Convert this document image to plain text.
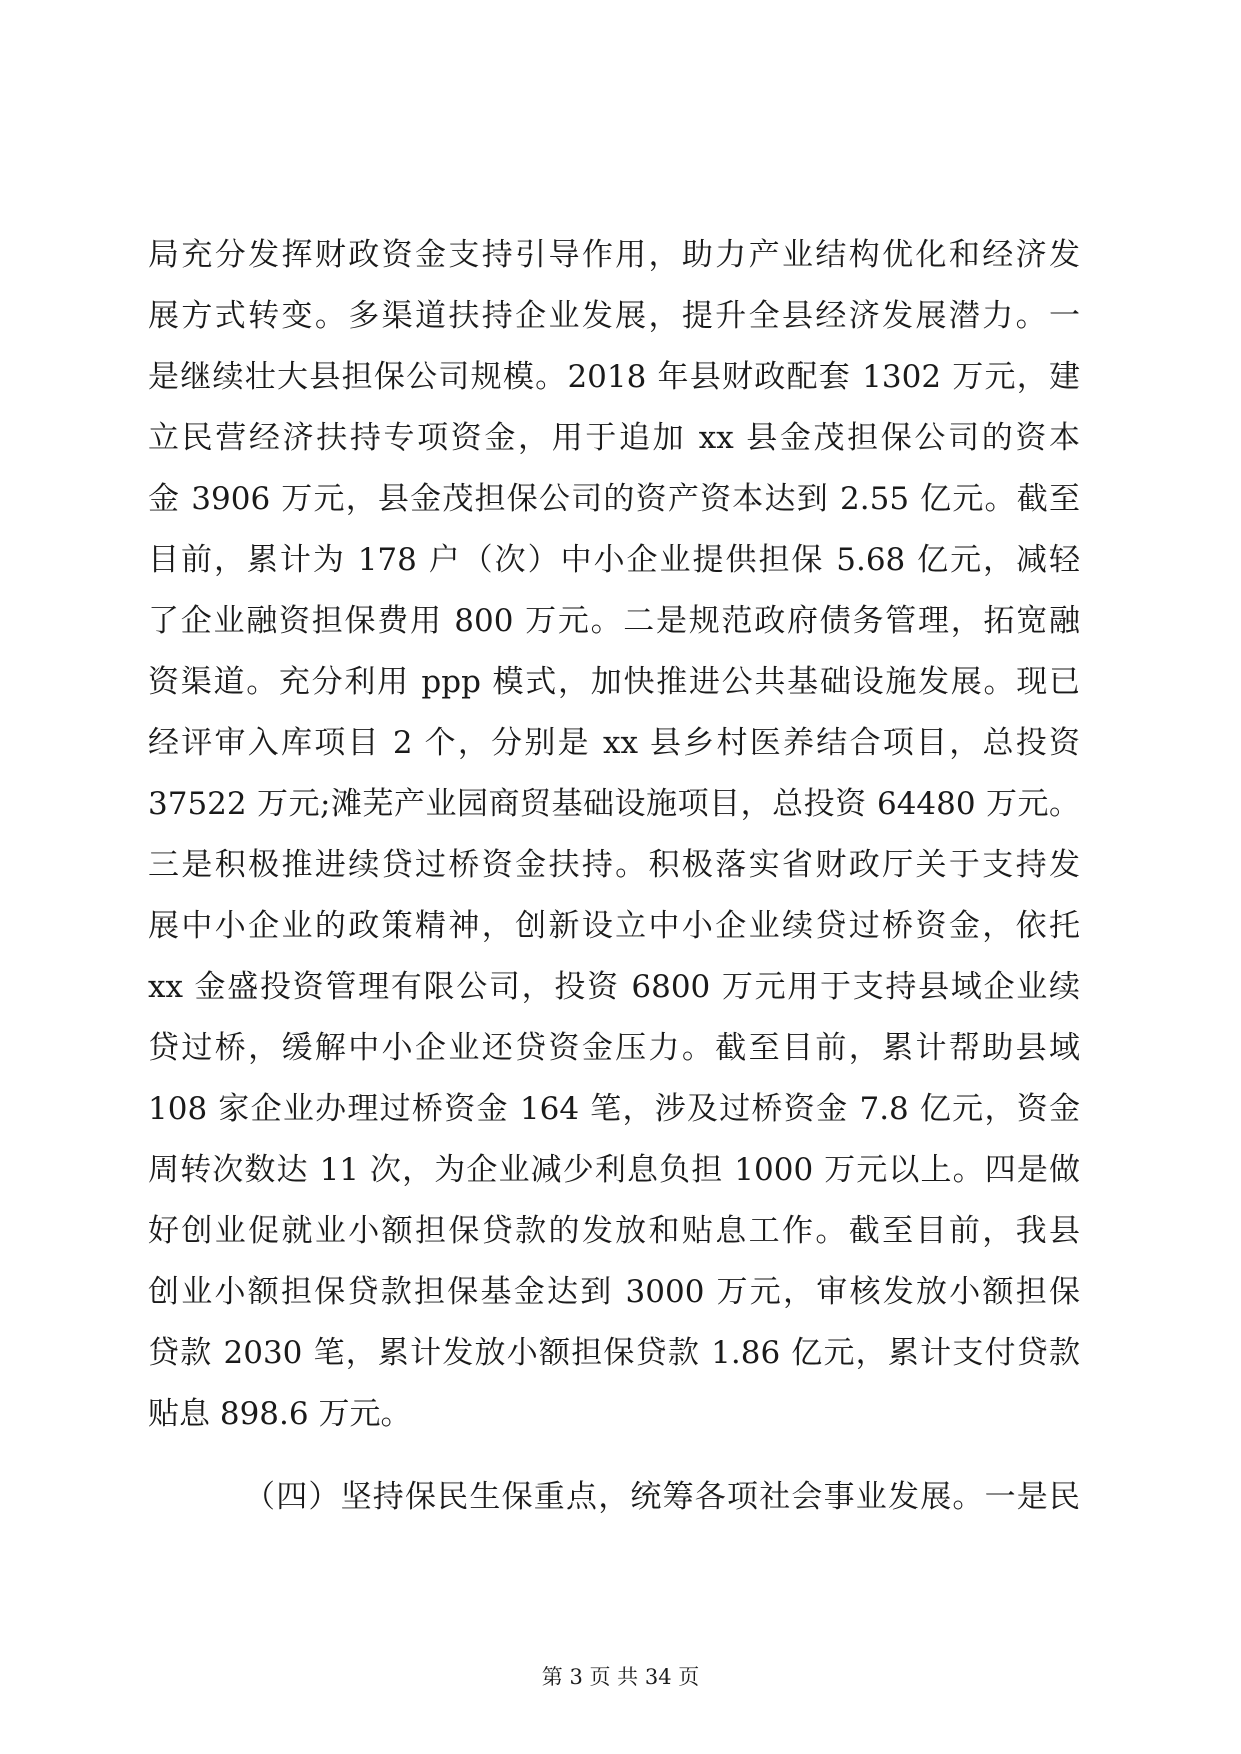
局充分发挥财政资金支持引导作用，助力产业结构优化和经济发
展方式转变。多渠道扶持企业发展，提升全县经济发展潜力。一
是继续壮大县担保公司规模。2018 年县财政配套 1302 万元，建
立民营经济扶持专项资金，用于追加 xx 县金茂担保公司的资本
金 3906 万元，县金茂担保公司的资产资本达到 2.55 亿元。截至
目前，累计为 178 户（次）中小企业提供担保 5.68 亿元，减轻
了企业融资担保费用 800 万元。二是规范政府债务管理，拓宽融
资渠道。充分利用 ppp 模式，加快推进公共基础设施发展。现已
经评审入库项目 2 个，分别是 xx 县乡村医养结合项目，总投资
37522 万元;滩芜产业园商贸基础设施项目，总投资 64480 万元。
三是积极推进续贷过桥资金扶持。积极落实省财政厅关于支持发
展中小企业的政策精神，创新设立中小企业续贷过桥资金，依托
xx 金盛投资管理有限公司，投资 6800 万元用于支持县域企业续
贷过桥，缓解中小企业还贷资金压力。截至目前，累计帮助县域
108 家企业办理过桥资金 164 笔，涉及过桥资金 7.8 亿元，资金
周转次数达 11 次，为企业减少利息负担 1000 万元以上。四是做
好创业促就业小额担保贷款的发放和贴息工作。截至目前，我县
创业小额担保贷款担保基金达到 3000 万元，审核发放小额担保
贷款 2030 笔，累计发放小额担保贷款 1.86 亿元，累计支付贷款
贴息 898.6 万元。
（四）坚持保民生保重点，统筹各项社会事业发展。一是民
第 3 页 共 34 页
